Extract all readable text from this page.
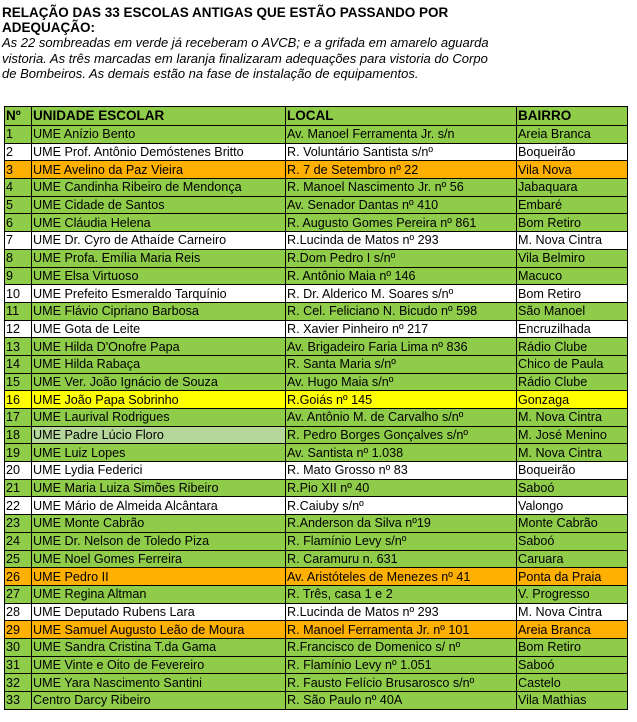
RELAÇÃO DAS 33 ESCOLAS ANTIGAS QUE ESTÃO PASSANDO POR

ADEQUAÇÃO:

As 22 sombreadas em verde já receberam o AVCB; e a grifada em amarelo aguarda

vistoria. As três marcadas em laranja finalizaram adequações para vistoria do Corpo

de Bombeiros. As demais estão na fase de instalação de equipamentos.

Nº	UNIDADE ESCOLAR	LOCAL	BAIRRO
1	UME Anízio Bento	Av. Manoel Ferramenta Jr. s/n	Areia Branca
2	UME Prof. Antônio Demóstenes Britto	R. Voluntário Santista s/nº	Boqueirão
3	UME Avelino da Paz Vieira	R. 7 de Setembro nº 22	Vila Nova
4	UME Candinha Ribeiro de Mendonça	R. Manoel Nascimento Jr. nº 56	Jabaquara
5	UME Cidade de Santos	Av. Senador Dantas nº 410	Embaré
6	UME Cláudia Helena	R. Augusto Gomes Pereira nº 861	Bom Retiro
7	UME Dr. Cyro de Athaíde Carneiro	R.Lucinda de Matos nº 293	M. Nova Cintra
8	UME Profa. Emília Maria Reis	R.Dom Pedro I s/nº	Vila Belmiro
9	UME Elsa Virtuoso	R. Antônio Maia nº 146	Macuco
10	UME Prefeito Esmeraldo Tarquínio	R. Dr. Alderico M. Soares s/nº	Bom Retiro
11	UME Flávio Cipriano Barbosa	R. Cel. Feliciano N. Bicudo nº 598	São Manoel
12	UME Gota de Leite	R. Xavier Pinheiro nº 217	Encruzilhada
13	UME Hilda D'Onofre Papa	Av. Brigadeiro Faria Lima nº 836	Rádio Clube
14	UME Hilda Rabaça	R. Santa Maria s/nº	Chico de Paula
15	UME Ver. João Ignácio de Souza	Av. Hugo Maia s/nº	Rádio Clube
16	UME João Papa Sobrinho	R.Goiás nº 145	Gonzaga
17	UME Laurival Rodrigues	Av. Antônio M. de Carvalho s/nº	M. Nova Cintra
18	UME Padre Lúcio Floro	R. Pedro Borges Gonçalves s/nº	M. José Menino
19	UME Luiz Lopes	Av. Santista nº 1.038	M. Nova Cintra
20	UME Lydia Federici	R. Mato Grosso nº 83	Boqueirão
21	UME Maria Luiza Simões Ribeiro	R.Pio XII nº 40	Saboó
22	UME Mário de Almeida Alcântara	R.Caiuby s/nº	Valongo
23	UME Monte Cabrão	R.Anderson da Silva nº19	Monte Cabrão
24	UME Dr. Nelson de Toledo Piza	R. Flamínio Levy s/nº	Saboó
25	UME Noel Gomes Ferreira	R. Caramuru n. 631	Caruara
26	UME Pedro II	Av. Aristóteles de Menezes nº 41	Ponta da Praia
27	UME Regina Altman	R. Três, casa 1 e 2	V. Progresso
28	UME Deputado Rubens Lara	R.Lucinda de Matos nº 293	M. Nova Cintra
29	UME Samuel Augusto Leão de Moura	R. Manoel Ferramenta Jr. nº 101	Areia Branca
30	UME Sandra Cristina T.da Gama	R.Francisco de Domenico s/ nº	Bom Retiro
31	UME Vinte e Oito de Fevereiro	R. Flamínio Levy nº 1.051	Saboó
32	UME Yara Nascimento Santini	R. Fausto Felício Brusarosco s/nº	Castelo
33	Centro Darcy Ribeiro	R. São Paulo nº 40A	Vila Mathias
